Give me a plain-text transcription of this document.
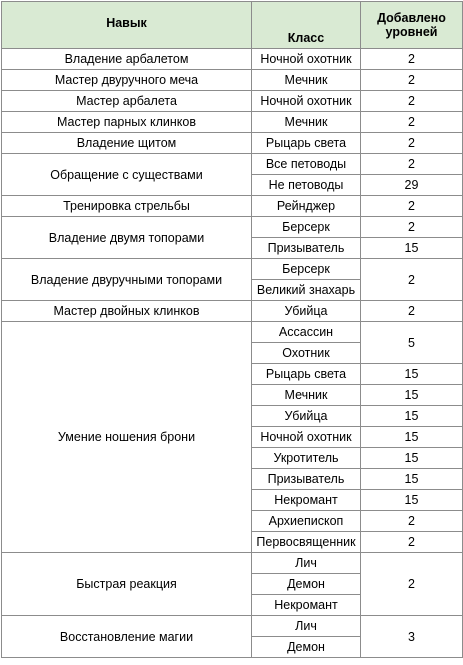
Навык	Класс	Добавлено уровней
Владение арбалетом	Ночной охотник	2
Мастер двуручного меча	Мечник	2
Мастер арбалета	Ночной охотник	2
Мастер парных клинков	Мечник	2
Владение щитом	Рыцарь света	2
Обращение с существами	Все петоводы	2
	Не петоводы	29
Тренировка стрельбы	Рейнджер	2
Владение двумя топорами	Берсерк	2
	Призыватель	15
Владение двуручными топорами	Берсерк	2
	Великий знахарь	
Мастер двойных клинков	Убийца	2
Умение ношения брони	Ассассин	5
	Охотник	
	Рыцарь света	15
	Мечник	15
	Убийца	15
	Ночной охотник	15
	Укротитель	15
	Призыватель	15
	Некромант	15
	Архиепископ	2
	Первосвященник	2
Быстрая реакция	Лич	2
	Демон	
	Некромант	
Восстановление магии	Лич	3
	Демон	
